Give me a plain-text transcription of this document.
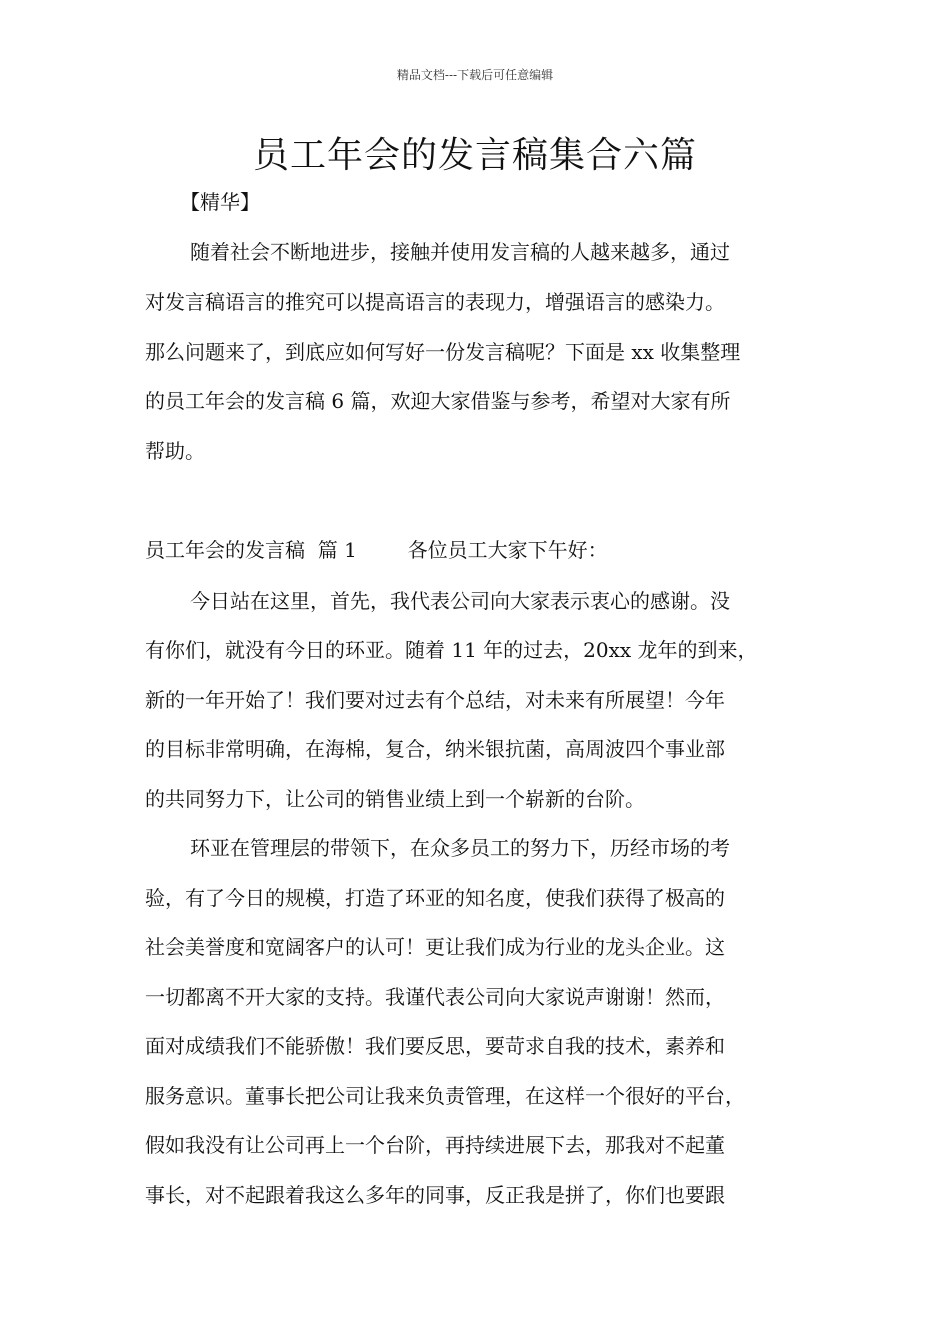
精品文档---下载后可任意编辑
员工年会的发言稿集合六篇
【精华】
随着社会不断地进步，接触并使用发言稿的人越来越多，通过
对发言稿语言的推究可以提高语言的表现力，增强语言的感染力。
那么问题来了，到底应如何写好一份发言稿呢？下面是 xx 收集整理
的员工年会的发言稿 6 篇，欢迎大家借鉴与参考，希望对大家有所
帮助。
员工年会的发言稿  篇 1        各位员工大家下午好：
今日站在这里，首先，我代表公司向大家表示衷心的感谢。没
有你们，就没有今日的环亚。随着 11 年的过去，20xx 龙年的到来，
新的一年开始了！我们要对过去有个总结，对未来有所展望！今年
的目标非常明确，在海棉，复合，纳米银抗菌，高周波四个事业部
的共同努力下，让公司的销售业绩上到一个崭新的台阶。
环亚在管理层的带领下，在众多员工的努力下，历经市场的考
验，有了今日的规模，打造了环亚的知名度，使我们获得了极高的
社会美誉度和宽阔客户的认可！更让我们成为行业的龙头企业。这
一切都离不开大家的支持。我谨代表公司向大家说声谢谢！然而，
面对成绩我们不能骄傲！我们要反思，要苛求自我的技术，素养和
服务意识。董事长把公司让我来负责管理，在这样一个很好的平台，
假如我没有让公司再上一个台阶，再持续进展下去，那我对不起董
事长，对不起跟着我这么多年的同事，反正我是拼了，你们也要跟
